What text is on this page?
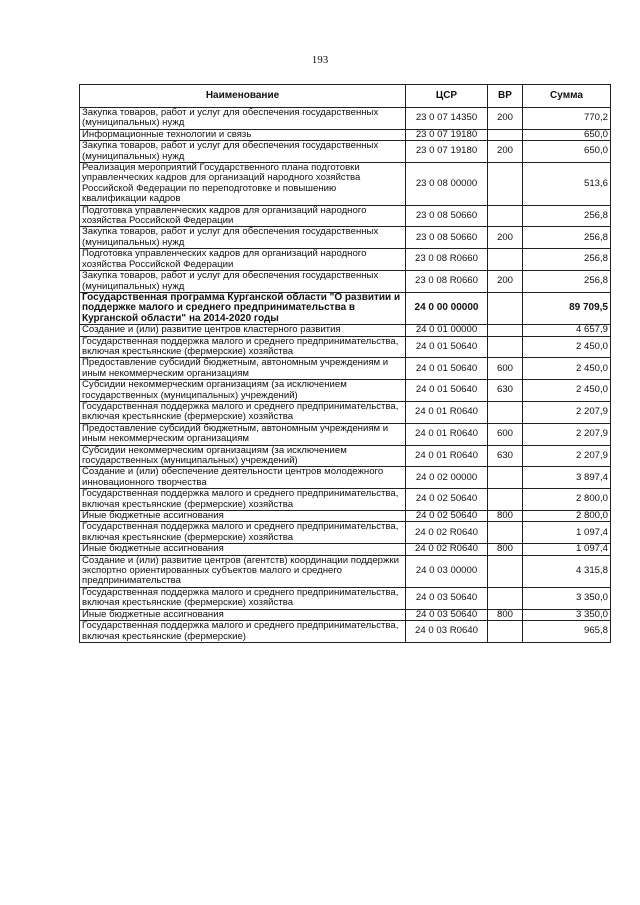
193
Наименование	ЦСР	ВР	Сумма
Закупка товаров, работ и услуг для обеспечения государственных (муниципальных) нужд	23 0 07 14350	200	770,2
Информационные технологии и связь	23 0 07 19180		650,0
Закупка товаров, работ и услуг для обеспечения государственных (муниципальных) нужд	23 0 07 19180	200	650,0
Реализация мероприятий Государственного плана подготовки управленческих кадров для организаций народного хозяйства Российской Федерации по переподготовке и повышению квалификации кадров	23 0 08 00000		513,6
Подготовка управленческих кадров для организаций народного хозяйства Российской Федерации	23 0 08 50660		256,8
Закупка товаров, работ и услуг для обеспечения государственных (муниципальных) нужд	23 0 08 50660	200	256,8
Подготовка управленческих кадров для организаций народного хозяйства Российской Федерации	23 0 08 R0660		256,8
Закупка товаров, работ и услуг для обеспечения государственных (муниципальных) нужд	23 0 08 R0660	200	256,8
Государственная программа Курганской области "О развитии и поддержке малого и среднего предпринимательства в Курганской области" на 2014-2020 годы	24 0 00 00000		89 709,5
Создание и (или) развитие центров кластерного развития	24 0 01 00000		4 657,9
Государственная поддержка малого и среднего предпринимательства, включая крестьянские (фермерские) хозяйства	24 0 01 50640		2 450,0
Предоставление субсидий бюджетным, автономным учреждениям и иным некоммерческим организациям	24 0 01 50640	600	2 450,0
Субсидии некоммерческим организациям (за исключением государственных (муниципальных) учреждений)	24 0 01 50640	630	2 450,0
Государственная поддержка малого и среднего предпринимательства, включая крестьянские (фермерские) хозяйства	24 0 01 R0640		2 207,9
Предоставление субсидий бюджетным, автономным учреждениям и иным некоммерческим организациям	24 0 01 R0640	600	2 207,9
Субсидии некоммерческим организациям (за исключением государственных (муниципальных) учреждений)	24 0 01 R0640	630	2 207,9
Создание и (или) обеспечение деятельности центров молодежного инновационного творчества	24 0 02 00000		3 897,4
Государственная поддержка малого и среднего предпринимательства, включая крестьянские (фермерские) хозяйства	24 0 02 50640		2 800,0
Иные бюджетные ассигнования	24 0 02 50640	800	2 800,0
Государственная поддержка малого и среднего предпринимательства, включая крестьянские (фермерские) хозяйства	24 0 02 R0640		1 097,4
Иные бюджетные ассигнования	24 0 02 R0640	800	1 097,4
Создание и (или) развитие центров (агентств) координации поддержки экспортно ориентированных субъектов малого и среднего предпринимательства	24 0 03 00000		4 315,8
Государственная поддержка малого и среднего предпринимательства, включая крестьянские (фермерские) хозяйства	24 0 03 50640		3 350,0
Иные бюджетные ассигнования	24 0 03 50640	800	3 350,0
Государственная поддержка малого и среднего предпринимательства, включая крестьянские (фермерские)	24 0 03 R0640		965,8
